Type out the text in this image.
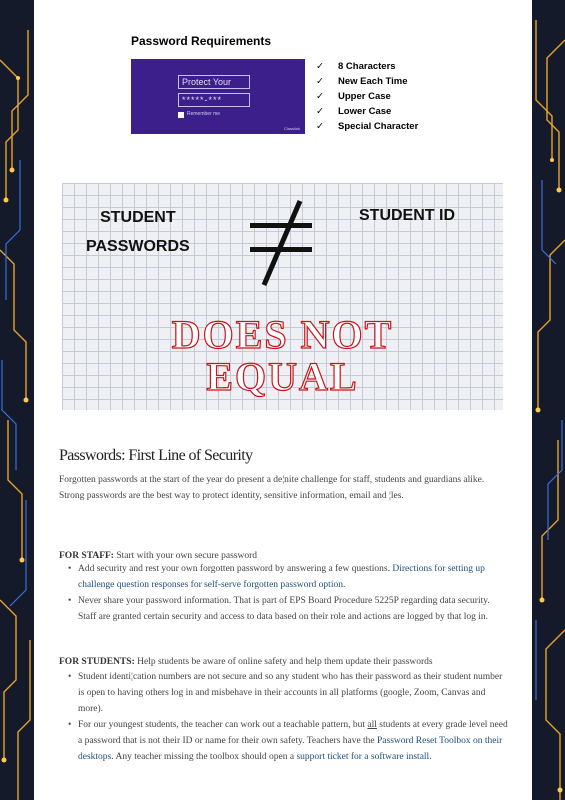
Password Requirements
Protect Your
*****-***
Remember me
Classlink
✓ 8 Characters
✓ New Each Time
✓ Upper Case
✓ Lower Case
✓ Special Character
STUDENT
PASSWORDS
STUDENT ID
DOES NOT
EQUAL
Passwords: First Line of Security
Forgotten passwords at the start of the year do present a de¦nite challenge for staff, students and guardians alike. Strong passwords are the best way to protect identity, sensitive information, email and ¦les.
FOR STAFF: Start with your own secure password
• Add security and rest your own forgotten password by answering a few questions. Directions for setting up challenge question responses for self-serve forgotten password option.
• Never share your password information. That is part of EPS Board Procedure 5225P regarding data security. Staff are granted certain security and access to data based on their role and actions are logged by that log in.
FOR STUDENTS: Help students be aware of online safety and help them update their passwords
• Student identi¦cation numbers are not secure and so any student who has their password as their student number is open to having others log in and misbehave in their accounts in all platforms (google, Zoom, Canvas and more).
• For our youngest students, the teacher can work out a teachable pattern, but all students at every grade level need a password that is not their ID or name for their own safety. Teachers have the Password Reset Toolbox on their desktops. Any teacher missing the toolbox should open a support ticket for a software install.
